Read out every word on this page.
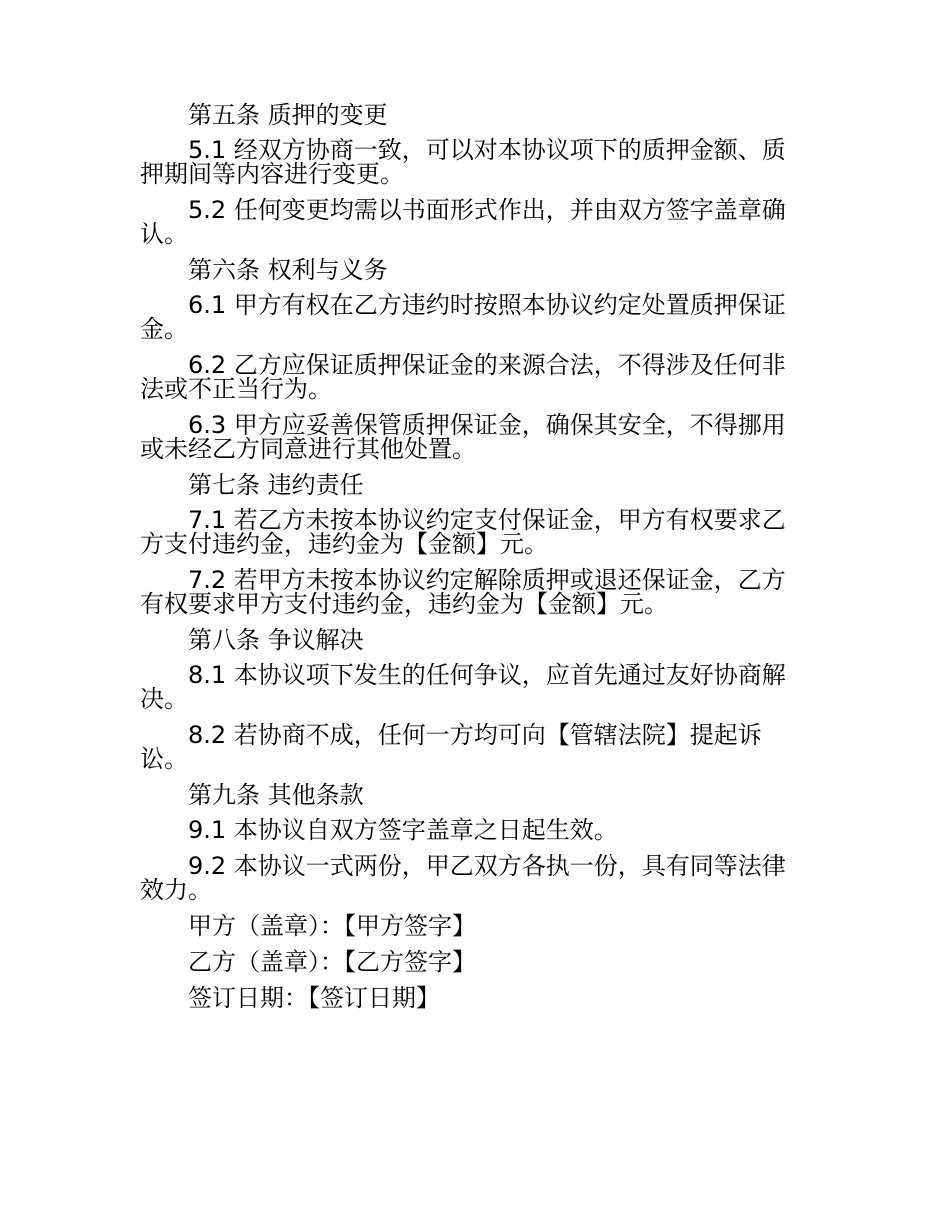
第五条 质押的变更

5.1 经双方协商一致，可以对本协议项下的质押金额、质押期间等内容进行变更。

5.2 任何变更均需以书面形式作出，并由双方签字盖章确认。

第六条 权利与义务

6.1 甲方有权在乙方违约时按照本协议约定处置质押保证金。

6.2 乙方应保证质押保证金的来源合法，不得涉及任何非法或不正当行为。

6.3 甲方应妥善保管质押保证金，确保其安全，不得挪用或未经乙方同意进行其他处置。

第七条 违约责任

7.1 若乙方未按本协议约定支付保证金，甲方有权要求乙方支付违约金，违约金为【金额】元。

7.2 若甲方未按本协议约定解除质押或退还保证金，乙方有权要求甲方支付违约金，违约金为【金额】元。

第八条 争议解决

8.1 本协议项下发生的任何争议，应首先通过友好协商解决。

8.2 若协商不成，任何一方均可向【管辖法院】提起诉讼。

第九条 其他条款

9.1 本协议自双方签字盖章之日起生效。

9.2 本协议一式两份，甲乙双方各执一份，具有同等法律效力。

甲方（盖章）：【甲方签字】

乙方（盖章）：【乙方签字】

签订日期：【签订日期】
